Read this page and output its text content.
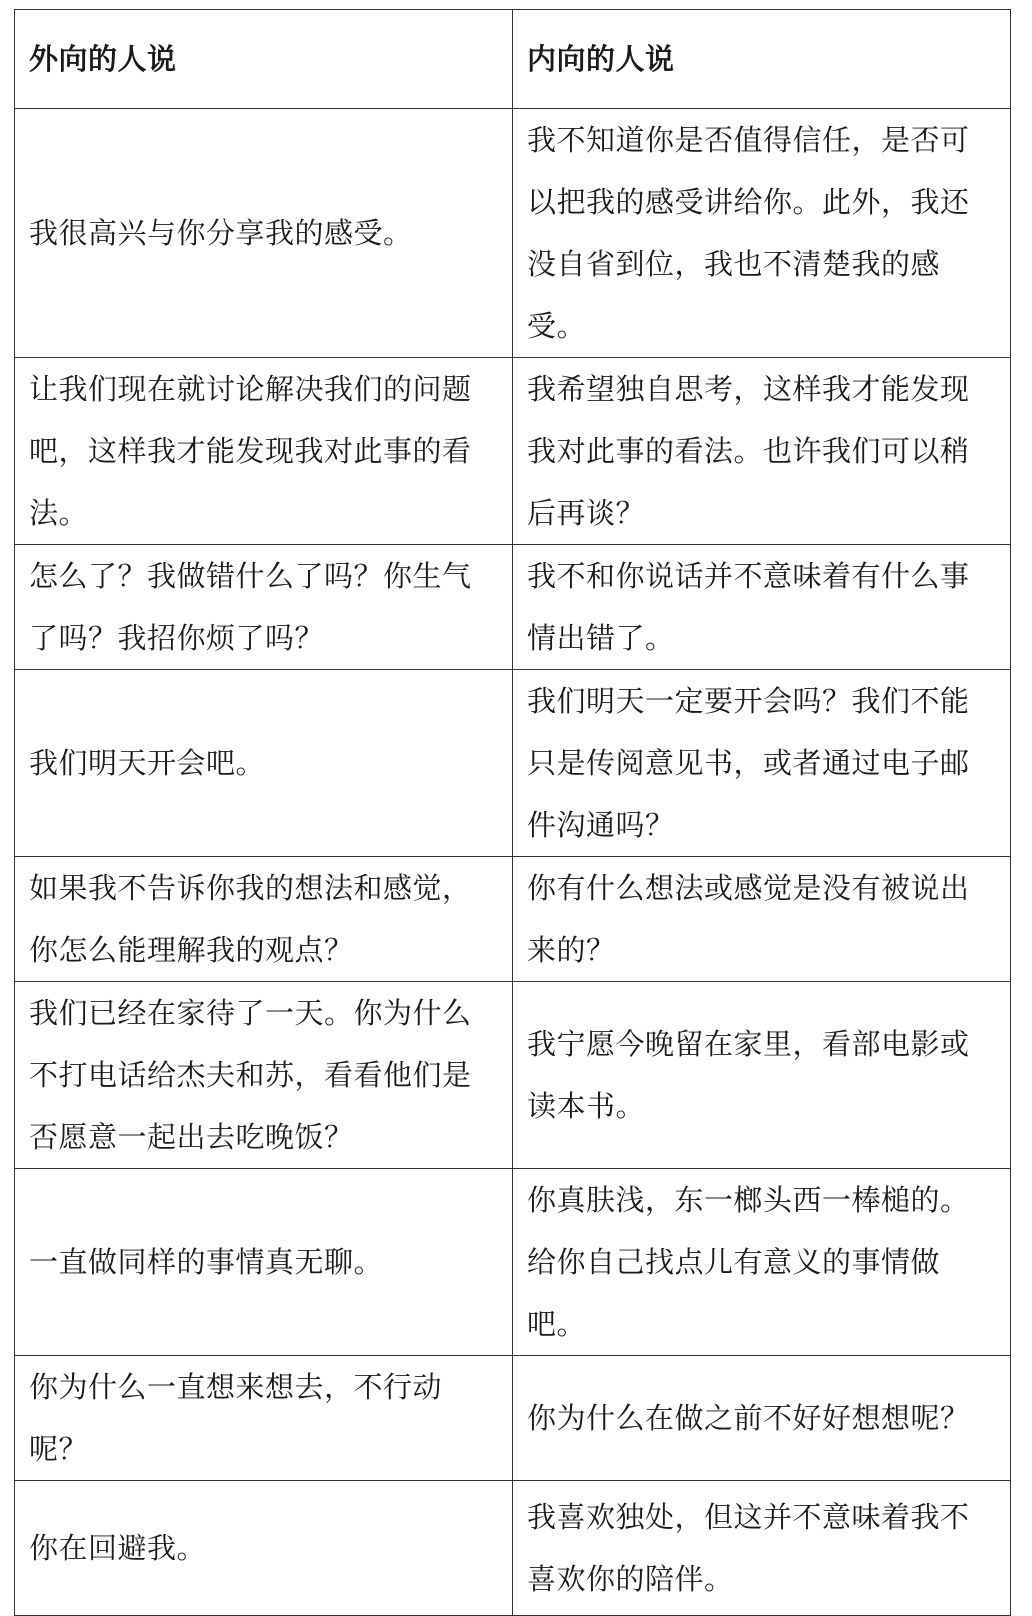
外向的人说	内向的人说
我很高兴与你分享我的感受。	我不知道你是否值得信任，是否可以把我的感受讲给你。此外，我还没自省到位，我也不清楚我的感受。
让我们现在就讨论解决我们的问题吧，这样我才能发现我对此事的看法。	我希望独自思考，这样我才能发现我对此事的看法。也许我们可以稍后再谈？
怎么了？我做错什么了吗？你生气了吗？我招你烦了吗？	我不和你说话并不意味着有什么事情出错了。
我们明天开会吧。	我们明天一定要开会吗？我们不能只是传阅意见书，或者通过电子邮件沟通吗？
如果我不告诉你我的想法和感觉，你怎么能理解我的观点？	你有什么想法或感觉是没有被说出来的？
我们已经在家待了一天。你为什么不打电话给杰夫和苏，看看他们是否愿意一起出去吃晚饭？	我宁愿今晚留在家里，看部电影或读本书。
一直做同样的事情真无聊。	你真肤浅，东一榔头西一棒槌的。给你自己找点儿有意义的事情做吧。
你为什么一直想来想去，不行动呢？	你为什么在做之前不好好想想呢？
你在回避我。	我喜欢独处，但这并不意味着我不喜欢你的陪伴。
